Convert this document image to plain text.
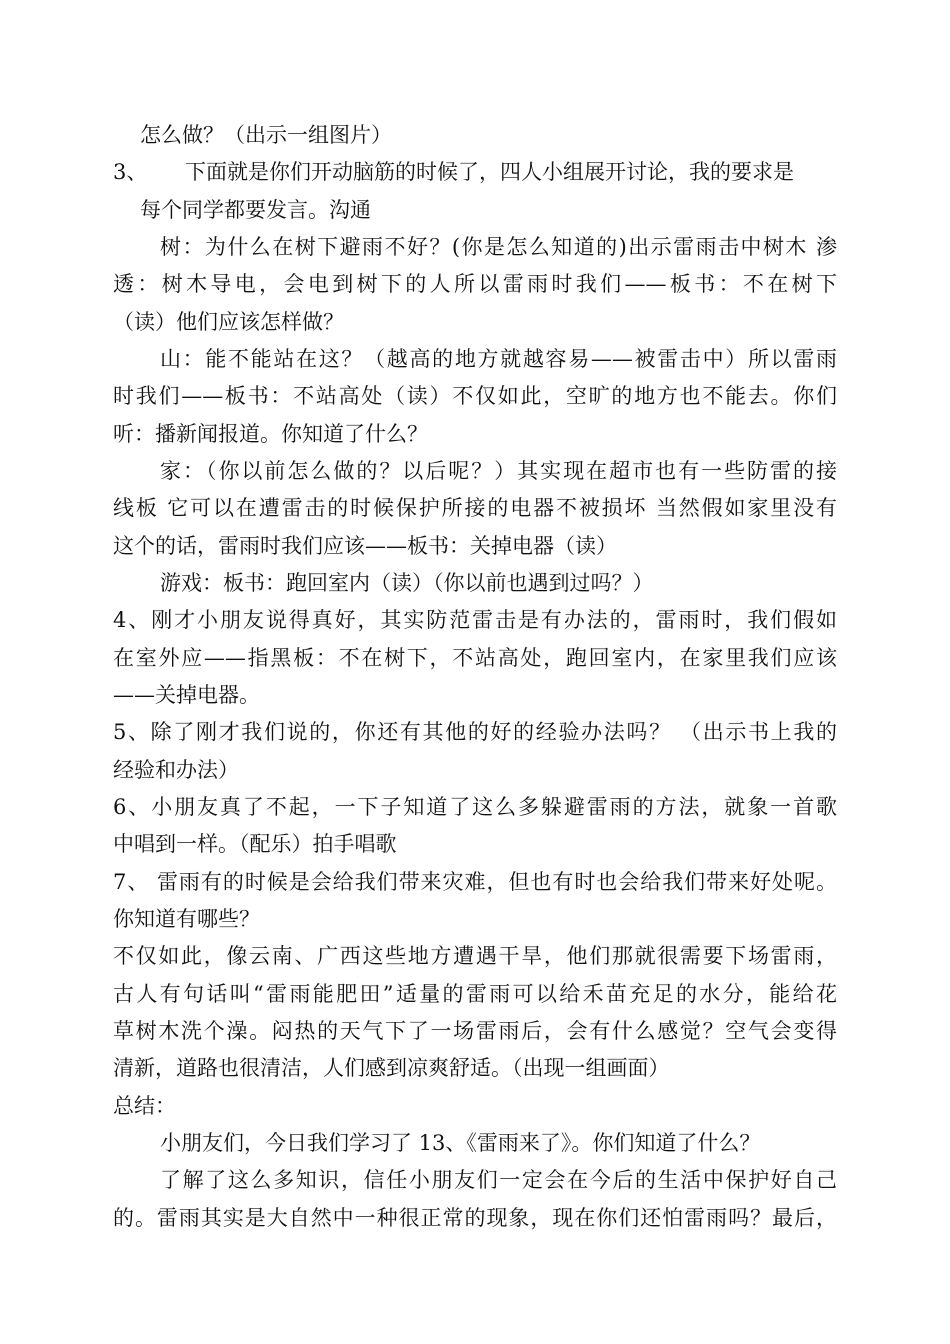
怎么做？（出示一组图片）
3、 下面就是你们开动脑筋的时候了，四人小组展开讨论，我的要求是
每个同学都要发言。沟通
树：为什么在树下避雨不好？(你是怎么知道的)出示雷雨击中树木 渗
透：树木导电，会电到树下的人所以雷雨时我们——板书：不在树下
（读）他们应该怎样做？
山：能不能站在这？（越高的地方就越容易——被雷击中）所以雷雨
时我们——板书：不站高处（读）不仅如此，空旷的地方也不能去。你们
听：播新闻报道。你知道了什么？
家：（你以前怎么做的？以后呢？）其实现在超市也有一些防雷的接
线板 它可以在遭雷击的时候保护所接的电器不被损坏 当然假如家里没有
这个的话，雷雨时我们应该——板书：关掉电器（读）
游戏：板书：跑回室内（读）（你以前也遇到过吗？）
4、刚才小朋友说得真好，其实防范雷击是有办法的，雷雨时，我们假如
在室外应——指黑板：不在树下，不站高处，跑回室内，在家里我们应该
——关掉电器。
5、除了刚才我们说的，你还有其他的好的经验办法吗？ （出示书上我的
经验和办法）
6、小朋友真了不起，一下子知道了这么多躲避雷雨的方法，就象一首歌
中唱到一样。（配乐）拍手唱歌
7、 雷雨有的时候是会给我们带来灾难，但也有时也会给我们带来好处呢。
你知道有哪些？
不仅如此，像云南、广西这些地方遭遇干旱，他们那就很需要下场雷雨，
古人有句话叫“雷雨能肥田”适量的雷雨可以给禾苗充足的水分，能给花
草树木洗个澡。闷热的天气下了一场雷雨后，会有什么感觉？空气会变得
清新，道路也很清洁，人们感到凉爽舒适。（出现一组画面）
总结：
小朋友们，今日我们学习了 13、《雷雨来了》。你们知道了什么？
了解了这么多知识，信任小朋友们一定会在今后的生活中保护好自己
的。雷雨其实是大自然中一种很正常的现象，现在你们还怕雷雨吗？最后，
